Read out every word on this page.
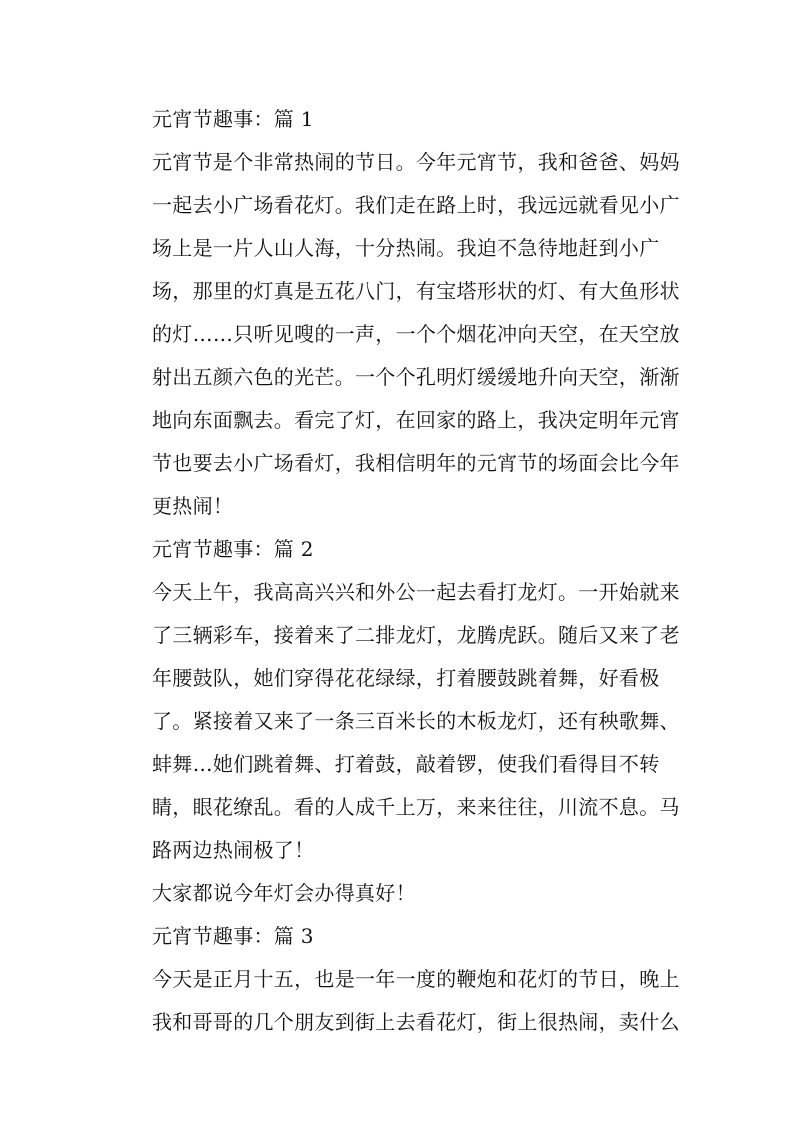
元宵节趣事：篇 1
元宵节是个非常热闹的节日。今年元宵节，我和爸爸、妈妈
一起去小广场看花灯。我们走在路上时，我远远就看见小广
场上是一片人山人海，十分热闹。我迫不急待地赶到小广
场，那里的灯真是五花八门，有宝塔形状的灯、有大鱼形状
的灯……只听见嗖的一声，一个个烟花冲向天空，在天空放
射出五颜六色的光芒。一个个孔明灯缓缓地升向天空，渐渐
地向东面飘去。看完了灯，在回家的路上，我决定明年元宵
节也要去小广场看灯，我相信明年的元宵节的场面会比今年
更热闹！
元宵节趣事：篇 2
今天上午，我高高兴兴和外公一起去看打龙灯。一开始就来
了三辆彩车，接着来了二排龙灯，龙腾虎跃。随后又来了老
年腰鼓队，她们穿得花花绿绿，打着腰鼓跳着舞，好看极
了。紧接着又来了一条三百米长的木板龙灯，还有秧歌舞、
蚌舞…她们跳着舞、打着鼓，敲着锣，使我们看得目不转
睛，眼花缭乱。看的人成千上万，来来往往，川流不息。马
路两边热闹极了！
大家都说今年灯会办得真好！
元宵节趣事：篇 3
今天是正月十五，也是一年一度的鞭炮和花灯的节日，晚上
我和哥哥的几个朋友到街上去看花灯，街上很热闹，卖什么
